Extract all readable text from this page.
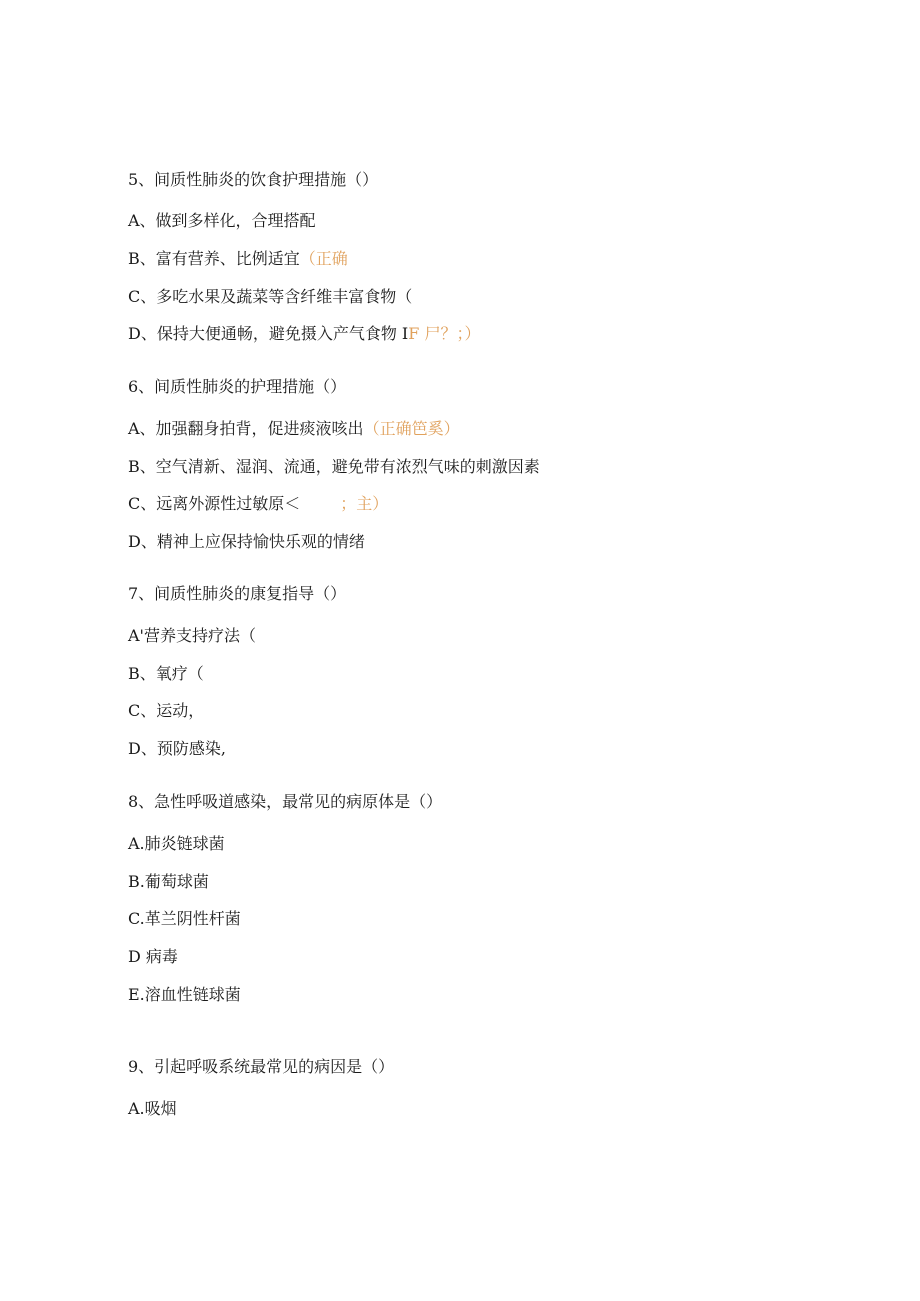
5、间质性肺炎的饮食护理措施（）
A、做到多样化，合理搭配
B、富有营养、比例适宜（正确
C、多吃水果及蔬菜等含纤维丰富食物（
D、保持大便通畅，避免摄入产气食物 IF 尸？；）
6、间质性肺炎的护理措施（）
A、加强翻身拍背，促进痰液咳出（正确笆奚）
B、空气清新、湿润、流通，避免带有浓烈气味的刺激因素
C、远离外源性过敏原＜　；主）
D、精神上应保持愉快乐观的情绪
7、间质性肺炎的康复指导（）
A'营养支持疗法（
B、氧疗（
C、运动，
D、预防感染,
8、急性呼吸道感染，最常见的病原体是（）
A.肺炎链球菌
B.葡萄球菌
C.革兰阴性杆菌
D 病毒
E.溶血性链球菌
9、引起呼吸系统最常见的病因是（）
A.吸烟
